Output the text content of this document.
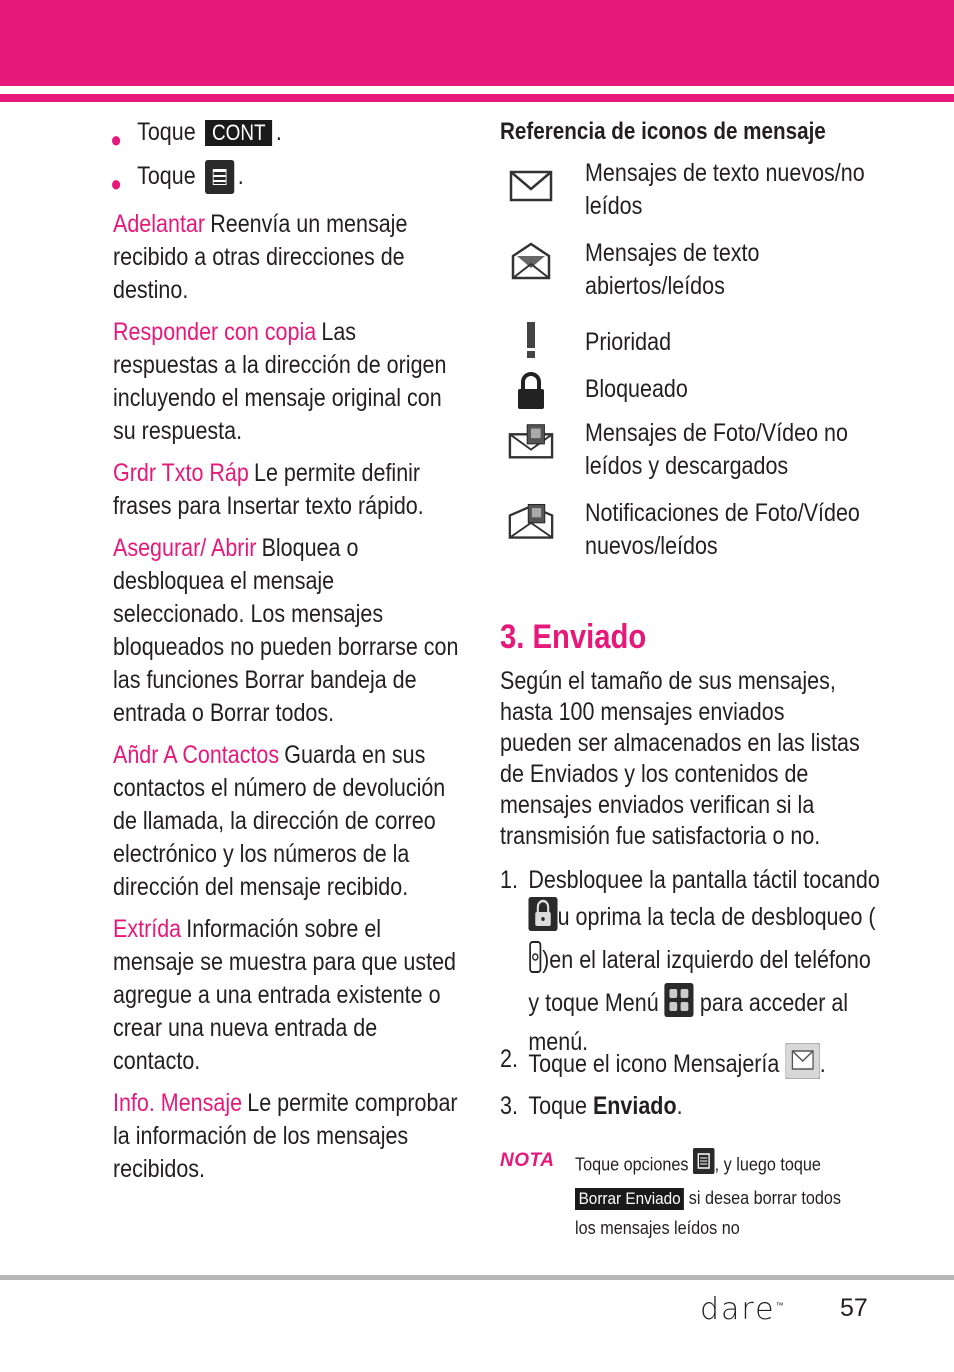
● Toque CONT .
● Toque .

Adelantar Reenvía un mensaje recibido a otras direcciones de destino.

Responder con copia Las respuestas a la dirección de origen incluyendo el mensaje original con su respuesta.

Grdr Txto Ráp Le permite definir frases para Insertar texto rápido.

Asegurar/ Abrir Bloquea o desbloquea el mensaje seleccionado. Los mensajes bloqueados no pueden borrarse con las funciones Borrar bandeja de entrada o Borrar todos.

Añdr A Contactos Guarda en sus contactos el número de devolución de llamada, la dirección de correo electrónico y los números de la dirección del mensaje recibido.

Extrída Información sobre el mensaje se muestra para que usted agregue a una entrada existente o crear una nueva entrada de contacto.

Info. Mensaje Le permite comprobar la información de los mensajes recibidos.

Referencia de iconos de mensaje
Mensajes de texto nuevos/no leídos
Mensajes de texto abiertos/leídos
Prioridad
Bloqueado
Mensajes de Foto/Vídeo no leídos y descargados
Notificaciones de Foto/Vídeo nuevos/leídos
3. Enviado
Según el tamaño de sus mensajes, hasta 100 mensajes enviados pueden ser almacenados en las listas de Enviados y los contenidos de mensajes enviados verifican si la transmisión fue satisfactoria o no.
1. Desbloquee la pantalla táctil tocando u oprima la tecla de desbloqueo ( )en el lateral izquierdo del teléfono y toque Menú para acceder al menú.
2. Toque el icono Mensajería .
3. Toque Enviado.
NOTA Toque opciones , y luego toque
Borrar Enviado si desea borrar todos los mensajes leídos no
dare™ 57
